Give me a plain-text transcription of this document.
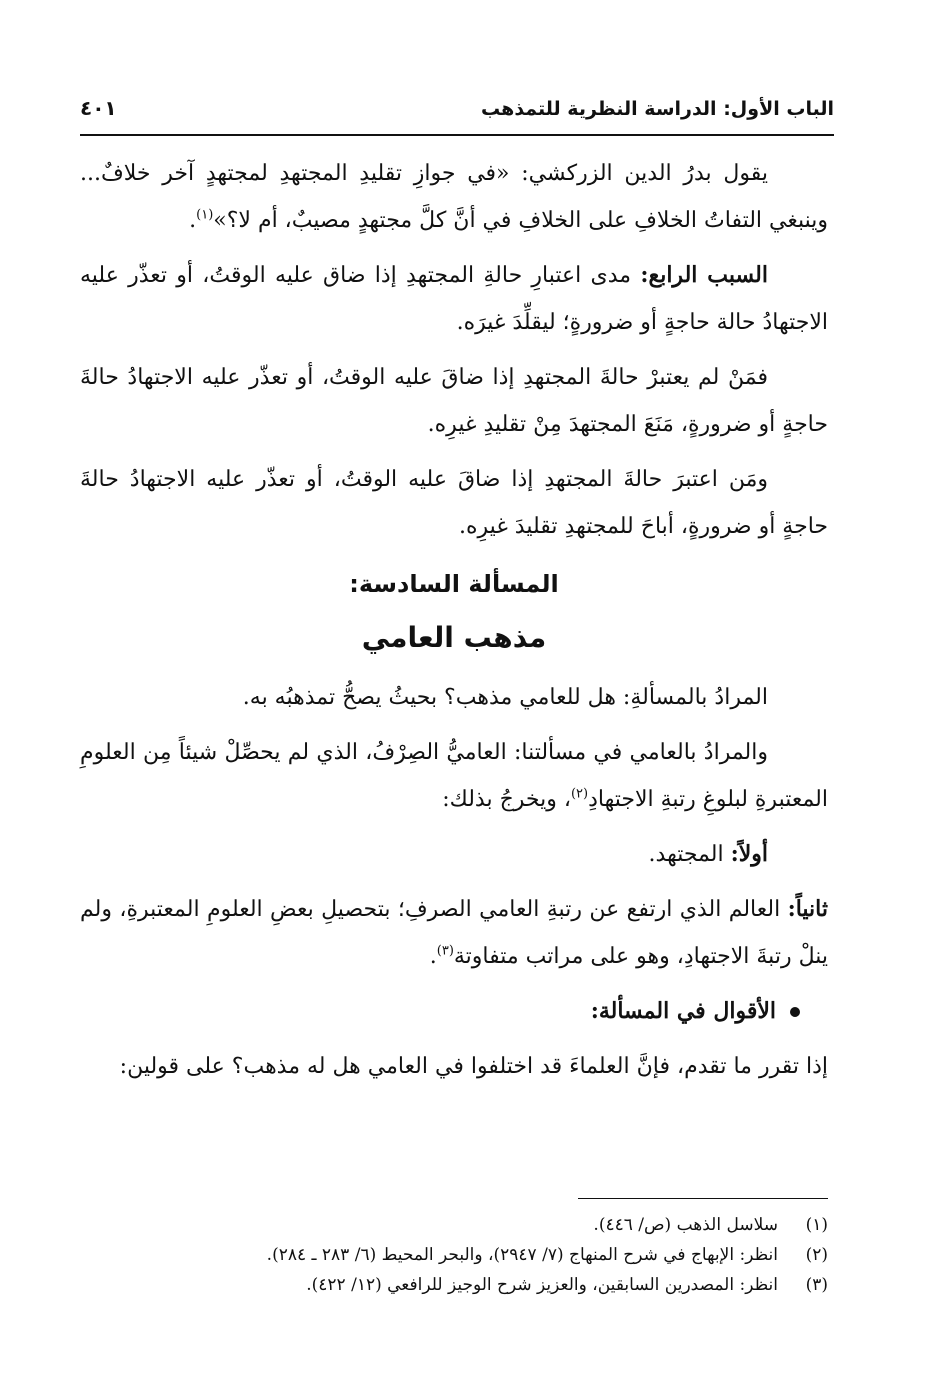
الباب الأول: الدراسة النظرية للتمذهب
٤٠١

يقول بدرُ الدين الزركشي: «في جوازِ تقليدِ المجتهدِ لمجتهدٍ آخر خلافٌ... وينبغي التفاتُ الخلافِ على الخلافِ في أنَّ كلَّ مجتهدٍ مصيبٌ، أم لا؟»$^{(١)}$.

السبب الرابع: مدى اعتبارِ حالةِ المجتهدِ إذا ضاق عليه الوقتُ، أو تعذّر عليه الاجتهادُ حالة حاجةٍ أو ضرورةٍ؛ ليقلِّدَ غيرَه.

فمَنْ لم يعتبرْ حالةَ المجتهدِ إذا ضاقَ عليه الوقتُ، أو تعذّر عليه الاجتهادُ حالةَ حاجةٍ أو ضرورةٍ، مَنَعَ المجتهدَ مِنْ تقليدِ غيرِه.

ومَن اعتبرَ حالةَ المجتهدِ إذا ضاقَ عليه الوقتُ، أو تعذّر عليه الاجتهادُ حالةَ حاجةٍ أو ضرورةٍ، أباحَ للمجتهدِ تقليدَ غيرِه.

المسألة السادسة:
مذهب العامي

المرادُ بالمسألةِ: هل للعامي مذهب؟ بحيثُ يصحُّ تمذهبُه به.

والمرادُ بالعامي في مسألتنا: العاميُّ الصِرْفُ، الذي لم يحصِّلْ شيئاً مِن العلومِ المعتبرةِ لبلوغِ رتبةِ الاجتهادِ$^{(٢)}$، ويخرجُ بذلك:

أولاً: المجتهد.

ثانياً: العالم الذي ارتفع عن رتبةِ العامي الصرفِ؛ بتحصيلِ بعضِ العلومِ المعتبرةِ، ولم ينلْ رتبةَ الاجتهادِ، وهو على مراتب متفاوتة$^{(٣)}$.

الأقوال في المسألة:

إذا تقرر ما تقدم، فإنَّ العلماءَ قد اختلفوا في العامي هل له مذهب؟ على قولين:

(١)سلاسل الذهب (ص/ ٤٤٦).

(٢)انظر: الإبهاج في شرح المنهاج (٧/ ٢٩٤٧)، والبحر المحيط (٦/ ٢٨٣ ـ ٢٨٤).

(٣)انظر: المصدرين السابقين، والعزيز شرح الوجيز للرافعي (١٢/ ٤٢٢).
